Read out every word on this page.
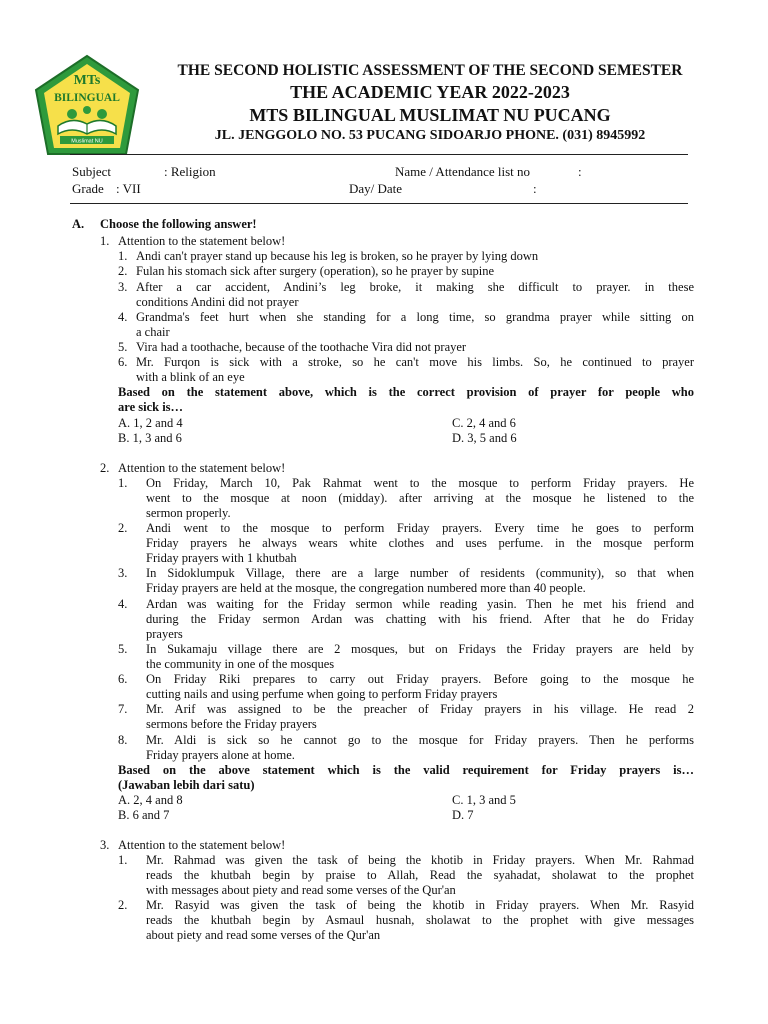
MTs
BILINGUAL
Muslimat NU
THE SECOND HOLISTIC ASSESSMENT OF THE SECOND SEMESTER
THE ACADEMIC YEAR 2022-2023
MTS BILINGUAL MUSLIMAT NU PUCANG
JL. JENGGOLO NO. 53 PUCANG SIDOARJO PHONE. (031) 8945992
Subject	: Religion
Grade : VII
Name / Attendance list no	:
Day/ Date	:
A. Choose the following answer!
1. Attention to the statement below!
1. Andi can't prayer stand up because his leg is broken, so he prayer by lying down
2. Fulan his stomach sick after surgery (operation), so he prayer by supine
3. After a car accident, Andini’s leg broke, it making she difficult to prayer. in these
conditions Andini did not prayer
4. Grandma's feet hurt when she standing for a long time, so grandma prayer while sitting on
a chair
5. Vira had a toothache, because of the toothache Vira did not prayer
6. Mr. Furqon is sick with a stroke, so he can't move his limbs. So, he continued to prayer
with a blink of an eye
Based on the statement above, which is the correct provision of prayer for people who
are sick is…
A. 1, 2 and 4
B. 1, 3 and 6
C. 2, 4 and 6
D. 3, 5 and 6
2. Attention to the statement below!
1. On Friday, March 10, Pak Rahmat went to the mosque to perform Friday prayers. He
went to the mosque at noon (midday). after arriving at the mosque he listened to the
sermon properly.
2. Andi went to the mosque to perform Friday prayers. Every time he goes to perform
Friday prayers he always wears white clothes and uses perfume. in the mosque perform
Friday prayers with 1 khutbah
3. In Sidoklumpuk Village, there are a large number of residents (community), so that when
Friday prayers are held at the mosque, the congregation numbered more than 40 people.
4. Ardan was waiting for the Friday sermon while reading yasin. Then he met his friend and
during the Friday sermon Ardan was chatting with his friend. After that he do Friday
prayers
5. In Sukamaju village there are 2 mosques, but on Fridays the Friday prayers are held by
the community in one of the mosques
6. On Friday Riki prepares to carry out Friday prayers. Before going to the mosque he
cutting nails and using perfume when going to perform Friday prayers
7. Mr. Arif was assigned to be the preacher of Friday prayers in his village. He read 2
sermons before the Friday prayers
8. Mr. Aldi is sick so he cannot go to the mosque for Friday prayers. Then he performs
Friday prayers alone at home.
Based on the above statement which is the valid requirement for Friday prayers is…
(Jawaban lebih dari satu)
A. 2, 4 and 8
B. 6 and 7
C. 1, 3 and 5
D. 7
3. Attention to the statement below!
1. Mr. Rahmad was given the task of being the khotib in Friday prayers. When Mr. Rahmad
reads the khutbah begin by praise to Allah, Read the syahadat, sholawat to the prophet
with messages about piety and read some verses of the Qur'an
2. Mr. Rasyid was given the task of being the khotib in Friday prayers. When Mr. Rasyid
reads the khutbah begin by Asmaul husnah, sholawat to the prophet with give messages
about piety and read some verses of the Qur'an
